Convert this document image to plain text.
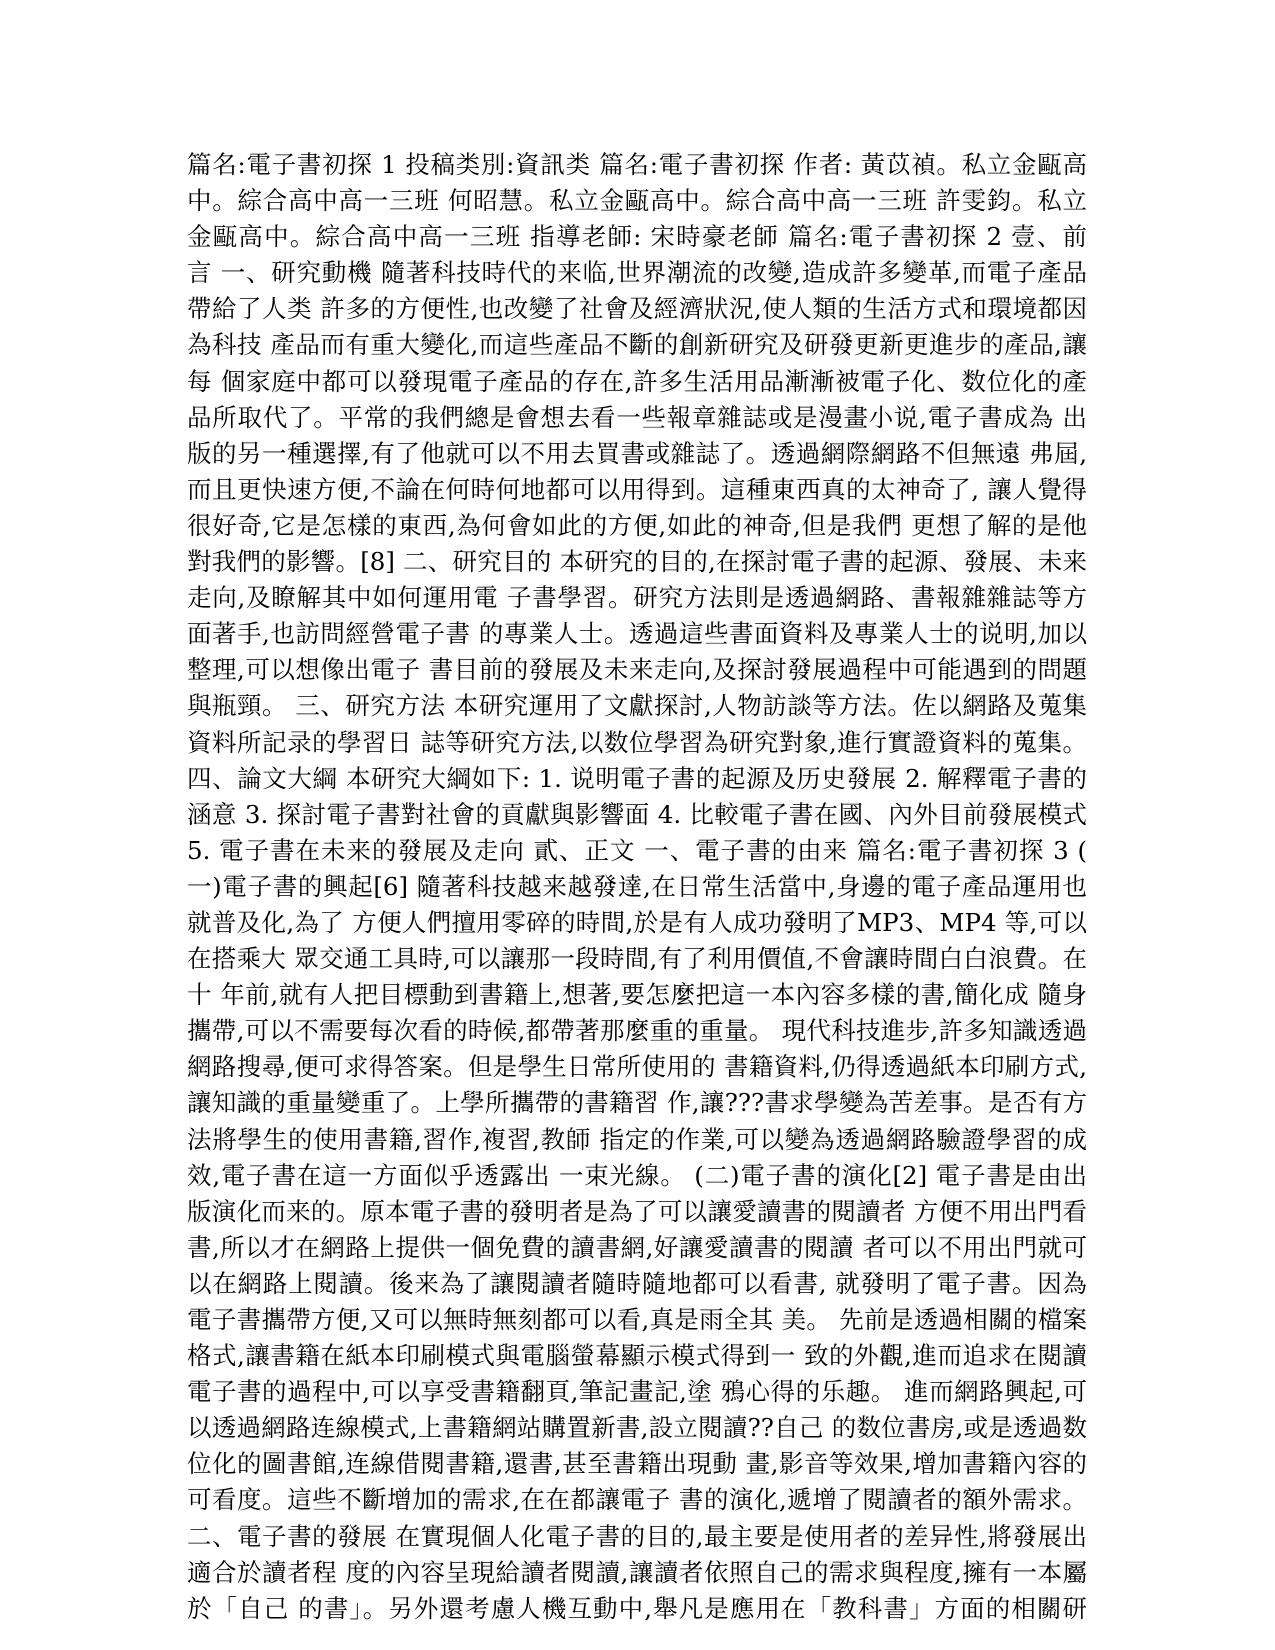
篇名:電子書初探 1 投稿类別:資訊类 篇名:電子書初探 作者: 黃苡禎。私立金甌高
中。綜合高中高一三班 何昭慧。私立金甌高中。綜合高中高一三班 許雯鈞。私立
金甌高中。綜合高中高一三班 指導老師: 宋時豪老師 篇名:電子書初探 2 壹、前
言 一、研究動機 隨著科技時代的来临,世界潮流的改變,造成許多變革,而電子產品
帶給了人类 許多的方便性,也改變了社會及經濟狀況,使人類的生活方式和環境都因
為科技 產品而有重大變化,而這些產品不斷的創新研究及研發更新更進步的產品,讓
每 個家庭中都可以發現電子產品的存在,許多生活用品漸漸被電子化、数位化的產
品所取代了。平常的我們總是會想去看一些報章雜誌或是漫畫小说,電子書成為 出
版的另一種選擇,有了他就可以不用去買書或雜誌了。透過網際網路不但無遠 弗屆,
而且更快速方便,不論在何時何地都可以用得到。這種東西真的太神奇了, 讓人覺得
很好奇,它是怎樣的東西,為何會如此的方便,如此的神奇,但是我們 更想了解的是他
對我們的影響。[8] 二、研究目的 本研究的目的,在探討電子書的起源、發展、未来
走向,及瞭解其中如何運用電 子書學習。研究方法則是透過網路、書報雜雜誌等方
面著手,也訪問經營電子書 的專業人士。透過這些書面資料及專業人士的说明,加以
整理,可以想像出電子 書目前的發展及未来走向,及探討發展過程中可能遇到的問題
與瓶頸。 三、研究方法 本研究運用了文獻探討,人物訪談等方法。佐以網路及蒐集
資料所記录的學習日 誌等研究方法,以数位學習為研究對象,進行實證資料的蒐集。
四、論文大綱 本研究大綱如下: 1. 说明電子書的起源及历史發展 2. 解釋電子書的
涵意 3. 探討電子書對社會的貢獻與影響面 4. 比較電子書在國、內外目前發展模式
5. 電子書在未来的發展及走向 貳、正文 一、電子書的由来 篇名:電子書初探 3 (
一)電子書的興起[6] 隨著科技越来越發達,在日常生活當中,身邊的電子產品運用也
就普及化,為了 方便人們擅用零碎的時間,於是有人成功發明了MP3、MP4 等,可以
在搭乘大 眾交通工具時,可以讓那一段時間,有了利用價值,不會讓時間白白浪費。在
十 年前,就有人把目標動到書籍上,想著,要怎麼把這一本內容多樣的書,簡化成 隨身
攜帶,可以不需要每次看的時候,都帶著那麼重的重量。 現代科技進步,許多知識透過
網路搜尋,便可求得答案。但是學生日常所使用的 書籍資料,仍得透過紙本印刷方式,
讓知識的重量變重了。上學所攜帶的書籍習 作,讓???書求學變為苦差事。是否有方
法將學生的使用書籍,習作,複習,教師 指定的作業,可以變為透過網路驗證學習的成
效,電子書在這一方面似乎透露出 一束光線。 (二)電子書的演化[2] 電子書是由出
版演化而来的。原本電子書的發明者是為了可以讓愛讀書的閱讀者 方便不用出門看
書,所以才在網路上提供一個免費的讀書網,好讓愛讀書的閱讀 者可以不用出門就可
以在網路上閱讀。後来為了讓閱讀者隨時隨地都可以看書, 就發明了電子書。因為
電子書攜帶方便,又可以無時無刻都可以看,真是雨全其 美。 先前是透過相關的檔案
格式,讓書籍在紙本印刷模式與電腦螢幕顯示模式得到一 致的外觀,進而追求在閱讀
電子書的過程中,可以享受書籍翻頁,筆記畫記,塗 鴉心得的乐趣。 進而網路興起,可
以透過網路连線模式,上書籍網站購置新書,設立閱讀??自己 的数位書房,或是透過数
位化的圖書館,连線借閱書籍,還書,甚至書籍出現動 畫,影音等效果,增加書籍內容的
可看度。這些不斷增加的需求,在在都讓電子 書的演化,遞增了閱讀者的額外需求。
二、電子書的發展 在實現個人化電子書的目的,最主要是使用者的差异性,將發展出
適合於讀者程 度的內容呈現給讀者閱讀,讓讀者依照自己的需求與程度,擁有一本屬
於「自己 的書」。另外還考慮人機互動中,舉凡是應用在「教科書」方面的相關研
